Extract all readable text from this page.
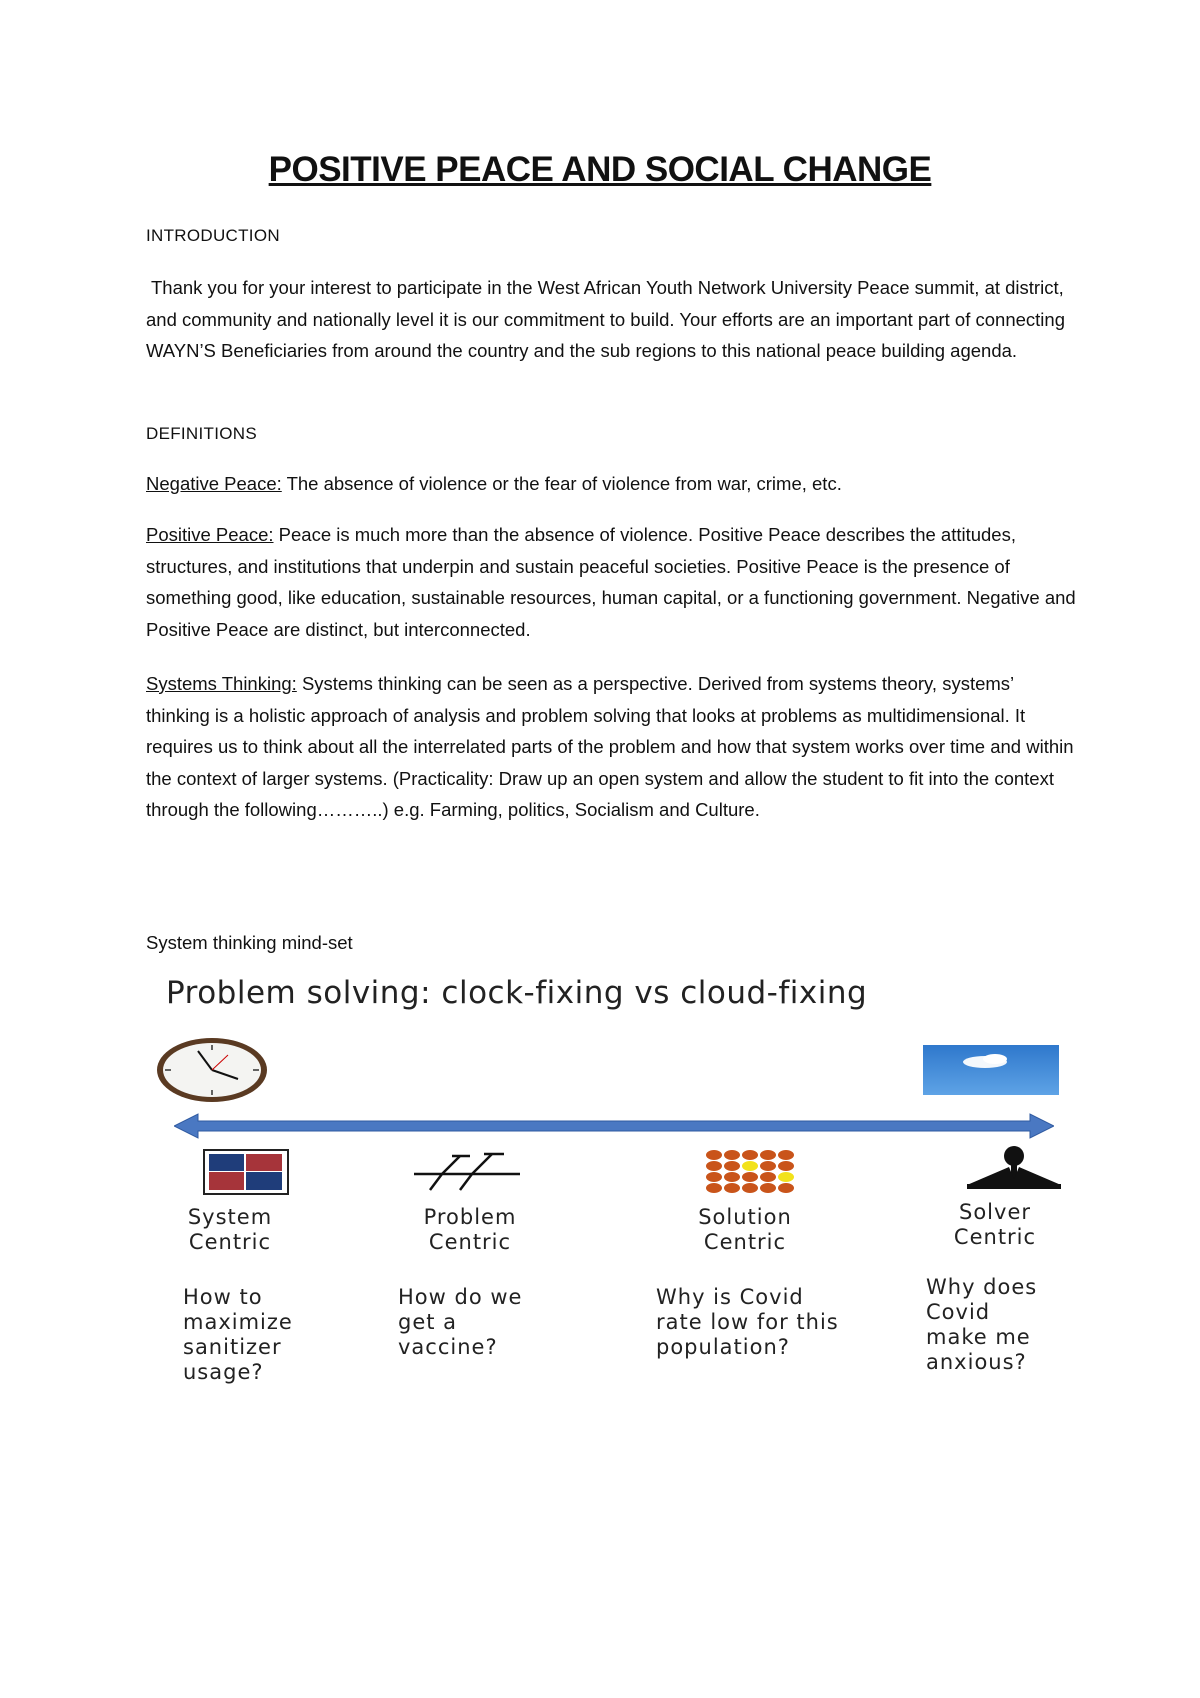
POSITIVE PEACE AND SOCIAL CHANGE
INTRODUCTION
Thank you for your interest to participate in the West African Youth Network University Peace summit, at district, and community and nationally level it is our commitment to build. Your efforts are an important part of connecting WAYN’S Beneficiaries from around the country and the sub regions to this national peace building agenda.
DEFINITIONS
Negative Peace: The absence of violence or the fear of violence from war, crime, etc.
Positive Peace: Peace is much more than the absence of violence. Positive Peace describes the attitudes, structures, and institutions that underpin and sustain peaceful societies. Positive Peace is the presence of something good, like education, sustainable resources, human capital, or a functioning government. Negative and Positive Peace are distinct, but interconnected.
Systems Thinking: Systems thinking can be seen as a perspective. Derived from systems theory, systems’ thinking is a holistic approach of analysis and problem solving that looks at problems as multidimensional. It requires us to think about all the interrelated parts of the problem and how that system works over time and within the context of larger systems. (Practicality: Draw up an open system and allow the student to fit into the context through the following………..) e.g. Farming, politics, Socialism and Culture.
System thinking mind-set
Problem solving: clock-fixing vs cloud-fixing
System
Centric
Problem
Centric
Solution
Centric
Solver
Centric
How to
maximize
sanitizer
usage?
How do we
get a
vaccine?
Why is Covid
rate low for this
population?
Why does
Covid
make me
anxious?
